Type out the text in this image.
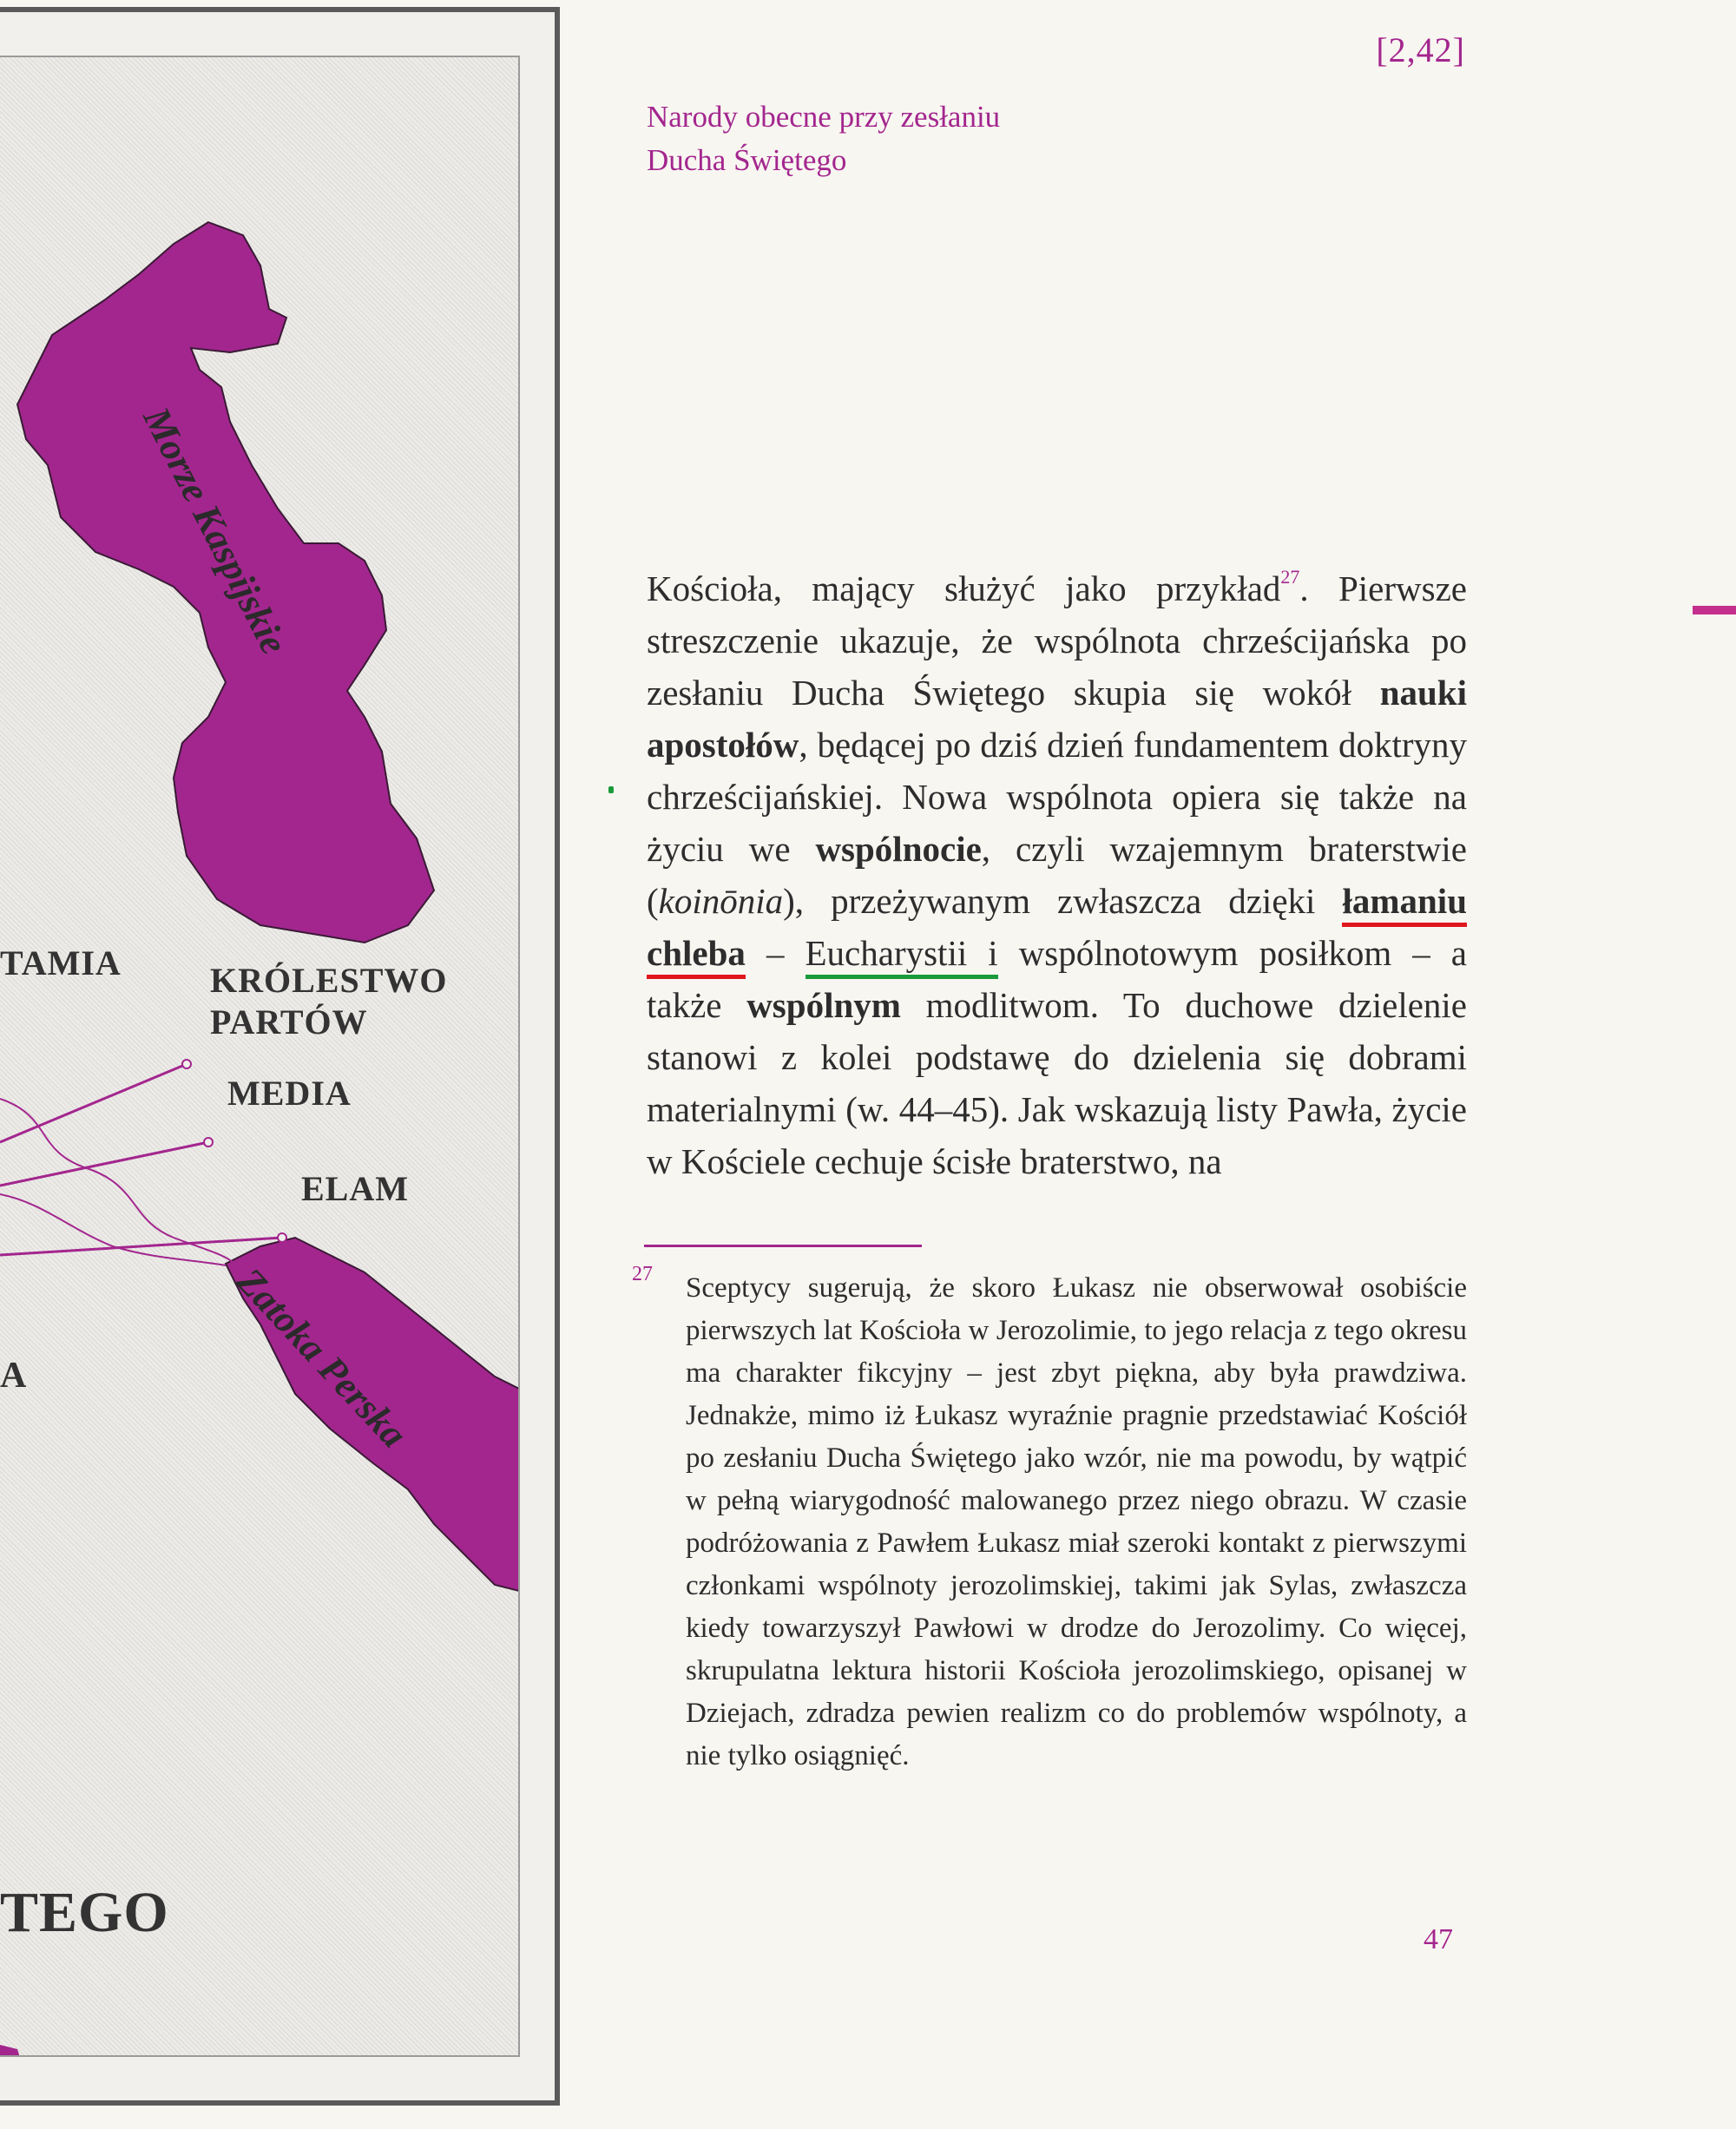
TAMIA	KRÓLESTWO
PARTÓW
MEDIA
ELAM
A
TEGO
Morze Kaspijskie
Zatoka Perska
[2,42]
Narody obecne przy zesłaniu
Ducha Świętego
Kościoła, mający służyć jako przykład$^{27}$. Pierwsze streszczenie ukazuje, że wspólnota chrześcijańska po zesłaniu Ducha Świętego skupia się wokół nauki apostołów, będącej po dziś dzień fundamentem doktryny chrześcijańskiej. Nowa wspólnota opiera się także na życiu we wspólnocie, czyli wzajemnym braterstwie (koinōnia), przeżywanym zwłaszcza dzięki łamaniu chleba – Eucharystii i wspólnotowym posiłkom – a także wspólnym modlitwom. To duchowe dzielenie stanowi z kolei podstawę do dzielenia się dobrami materialnymi (w. 44–45). Jak wskazują listy Pawła, życie w Kościele cechuje ścisłe braterstwo, na
27 Sceptycy sugerują, że skoro Łukasz nie obserwował osobiście pierwszych lat Kościoła w Jerozolimie, to jego relacja z tego okresu ma charakter fikcyjny – jest zbyt piękna, aby była prawdziwa. Jednakże, mimo iż Łukasz wyraźnie pragnie przedstawiać Kościół po zesłaniu Ducha Świętego jako wzór, nie ma powodu, by wątpić w pełną wiarygodność malowanego przez niego obrazu. W czasie podróżowania z Pawłem Łukasz miał szeroki kontakt z pierwszymi członkami wspólnoty jerozolimskiej, takimi jak Sylas, zwłaszcza kiedy towarzyszył Pawłowi w drodze do Jerozolimy. Co więcej, skrupulatna lektura historii Kościoła jerozolimskiego, opisanej w Dziejach, zdradza pewien realizm co do problemów wspólnoty, a nie tylko osiągnięć.
47
